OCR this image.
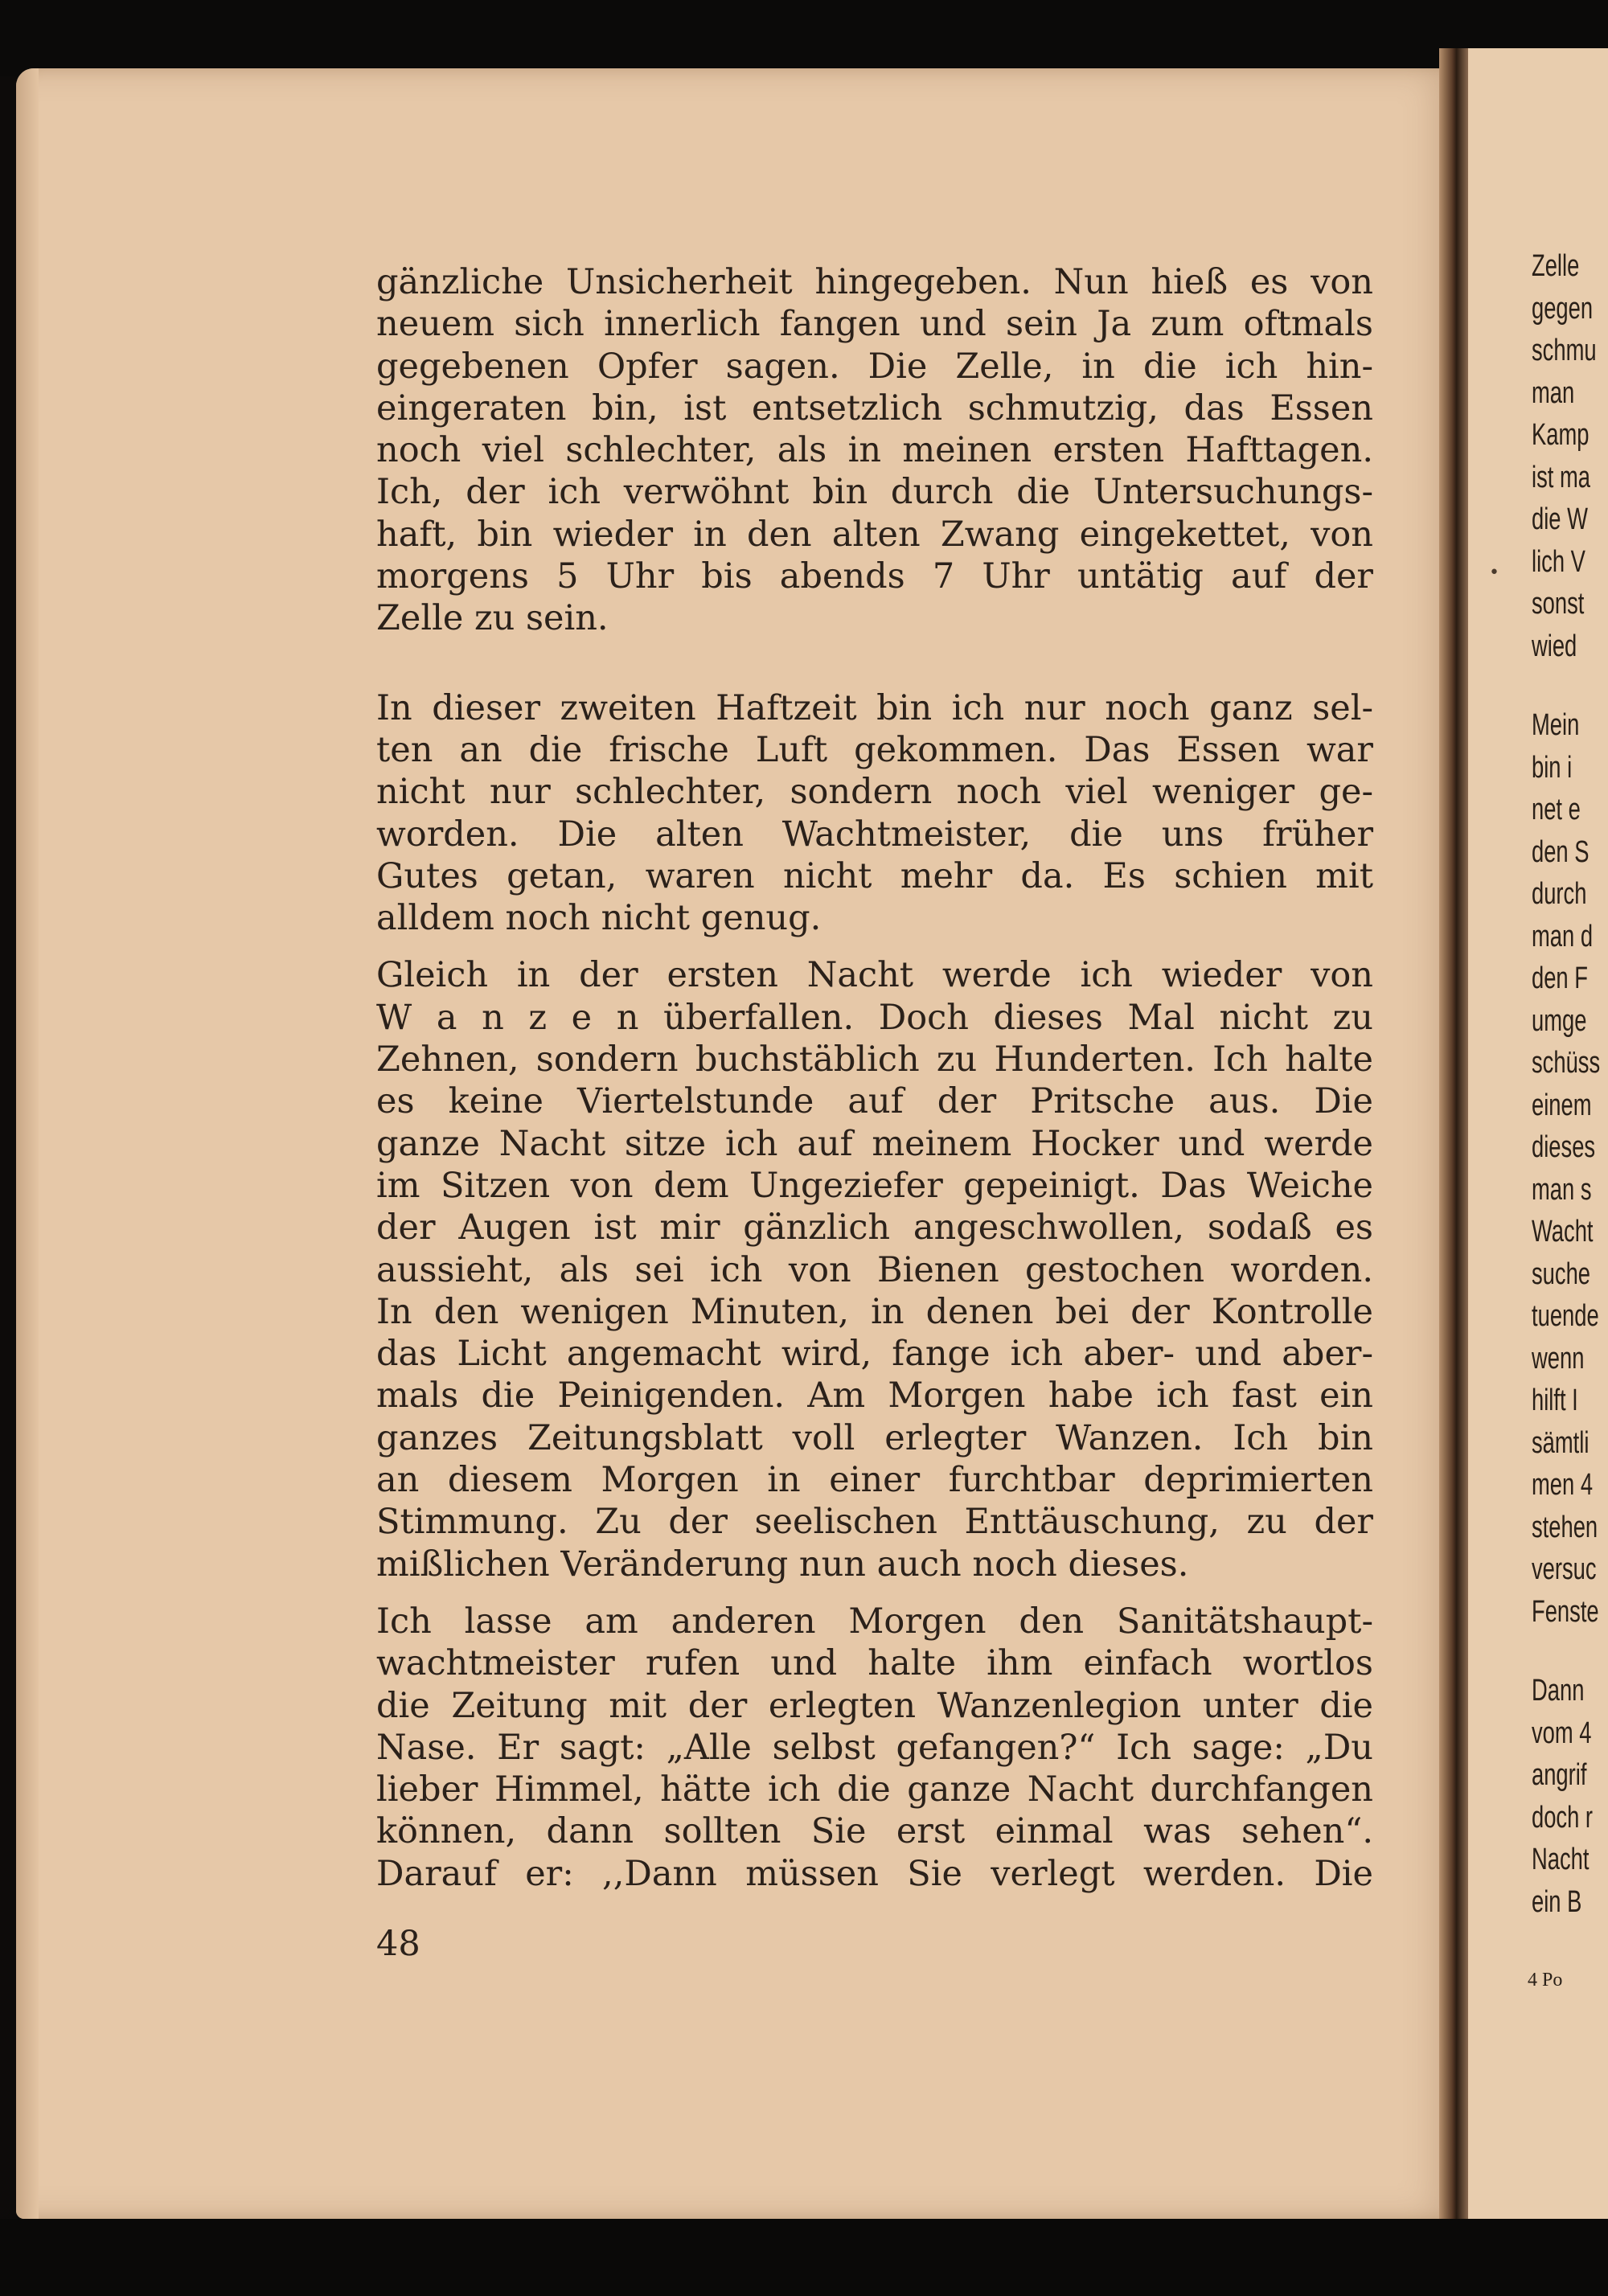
gänzliche Unsicherheit hingegeben. Nun hieß es von
neuem sich innerlich fangen und sein Ja zum oftmals
gegebenen Opfer sagen. Die Zelle, in die ich hin-
eingeraten bin, ist entsetzlich schmutzig, das Essen
noch viel schlechter, als in meinen ersten Hafttagen.
Ich, der ich verwöhnt bin durch die Untersuchungs-
haft, bin wieder in den alten Zwang eingekettet, von
morgens 5 Uhr bis abends 7 Uhr untätig auf der
Zelle zu sein.
In dieser zweiten Haftzeit bin ich nur noch ganz sel-
ten an die frische Luft gekommen. Das Essen war
nicht nur schlechter, sondern noch viel weniger ge-
worden. Die alten Wachtmeister, die uns früher
Gutes getan, waren nicht mehr da. Es schien mit
alldem noch nicht genug.
Gleich in der ersten Nacht werde ich wieder von
W a n z e n überfallen. Doch dieses Mal nicht zu
Zehnen, sondern buchstäblich zu Hunderten. Ich halte
es keine Viertelstunde auf der Pritsche aus. Die
ganze Nacht sitze ich auf meinem Hocker und werde
im Sitzen von dem Ungeziefer gepeinigt. Das Weiche
der Augen ist mir gänzlich angeschwollen, sodaß es
aussieht, als sei ich von Bienen gestochen worden.
In den wenigen Minuten, in denen bei der Kontrolle
das Licht angemacht wird, fange ich aber- und aber-
mals die Peinigenden. Am Morgen habe ich fast ein
ganzes Zeitungsblatt voll erlegter Wanzen. Ich bin
an diesem Morgen in einer furchtbar deprimierten
Stimmung. Zu der seelischen Enttäuschung, zu der
mißlichen Veränderung nun auch noch dieses.
Ich lasse am anderen Morgen den Sanitätshaupt-
wachtmeister rufen und halte ihm einfach wortlos
die Zeitung mit der erlegten Wanzenlegion unter die
Nase. Er sagt: „Alle selbst gefangen?“ Ich sage: „Du
lieber Himmel, hätte ich die ganze Nacht durchfangen
können, dann sollten Sie erst einmal was sehen“.
Darauf er: ,,Dann müssen Sie verlegt werden. Die
48
•
Zelle
gegen
schmu
man
Kamp
ist ma
die W
lich V
sonst
wied
Mein
bin i
net e
den S
durch
man d
den F
umge
schüss
einem
dieses
man s
Wacht
suche
tuende
wenn
hilft I
sämtli
men 4
stehen
versuc
Fenste
Dann
vom 4
angrif
doch r
Nacht
ein B
4 Po
